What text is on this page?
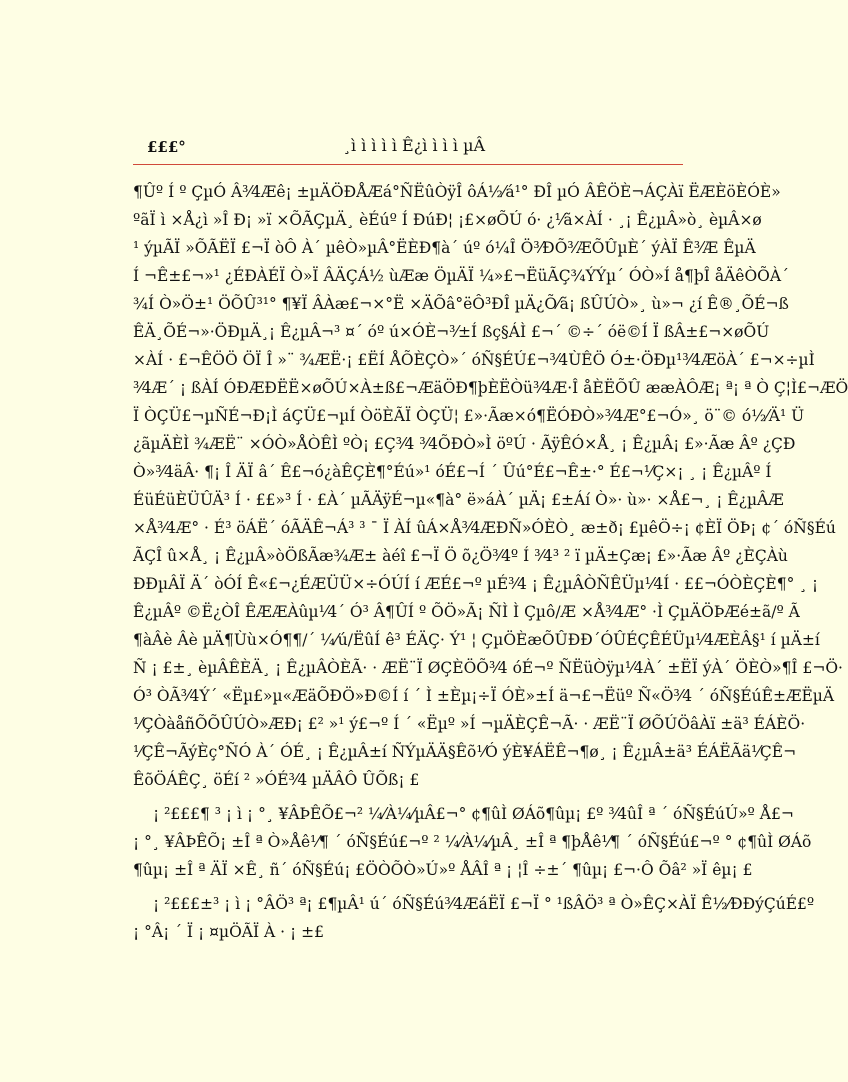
£££°	¸ì ì ì ì ì Ê¿ì ì ì ì µÂ
¶Ûº Í º ÇµÓ Â³⁄4Æê¡ ±µÄÖÐÅÆá°ÑËûÒÿÎ ôÁ½⁄á¹° ÐÎ µÓ ÂÊÖÈ¬ÁÇÀï ËÆÈöÈÓÈ»
ºãÏ ì ×Å¿ì »Î Ð¡ »ï ×ÕÃÇµÄ¸ èÉúº Í ÐúÐ¦ ¡£×øÕÚ ó· ¿¹⁄ã×ÀÍ · ¸¡ Ê¿µÂ»ò¸ èµÂ×ø
¹ ýµÃÏ »ÕÃËÏ £¬Ï òÔ À´ µêÒ»µÂ°ËÈÐ¶à´ úº ó¼Î Ö³⁄ÐÕ³⁄ÆÕÛµÈ´ ýÀÏ Ê³⁄Æ ÊµÄ
Í ¬Ê±£¬»¹ ¿ÉÐÀÉÏ Ò»Ï ÂÄÇÁ½ ùÆæ ÖµÄÏ ¼»£¬ËüÃÇ¾ÝÝµ´ ÓÒ»Í å¶þÎ åÄêÒÕÀ´
¾Í Ò»Ö±¹ ÖÕÛ³¹° ¶¥Ï ÂÀæ£¬×°Ë ×ÄÕâ°ëÔ³ÐÎ µÄ¿Õ⁄ã¡ ßÛÚÒ»¸ ù»¬ ¿í Ê®¸ÕÉ¬ß
ÊÄ¸ÕÉ¬»·ÖÐµÄ¸¡ Ê¿µÂ¬³ ¤´ óº ú×ÓÈ¬³⁄±Í ßç§ÁÌ £¬´ ©÷´ óë©Í Ï ßÂ±£¬×øÕÚ
×ÀÍ · £¬ÊÖÖ ÖÏ Î »¨ ¾ÆË·¡ £ËÍ ÅÕÈÇÒ»´ óÑ§ÉÚ£¬³⁄4ÙÊÖ Ó±·ÖÐµ¹³⁄4ÆöÀ´ £¬×÷µÌ
³⁄4Æ´ ¡ ßÀÍ ÓÐÆÐËË×øÕÚ×À±ß£¬ÆäÖÐ¶þÈËÒü³⁄4Æ·Î åÈËÕÛ ææÀÔÆ¡ ª¡ ª Ò Ç¦Ì£¬ÆÖ
Ï ÒÇÜ£¬µÑÉ¬Ð¡Ì áÇÜ£¬µÍ ÒöÈÃÏ ÒÇÜ¦ £»·Ãæ×ó¶ËÓÐÒ»³⁄4Æ°£¬Ó»¸ ö¨© ó½⁄Ä¹ Ü
¿ãµÄÈÌ ¾ÆË¨ ×ÓÒ»ÅÒÊÌ ºÒ¡ £Ç³⁄4 ³⁄4ÕÐÒ»Ì öºÚ · ÃÿÊÓ×Å¸ ¡ Ê¿µÂ¡ £»·Ãæ Âº ¿ÇÐ
Ò»³⁄4äÂ· ¶¡ Î ÄÏ â´ Ê£¬ó¿àÊÇÈ¶°Éú»¹ óÉ£¬Í ´ Ûú°É£¬Ê±·° É£¬¹⁄Ç×¡ ¸ ¡ Ê¿µÂº Í
ÉüÉüÈÜÛÄ³ Í · ££»³ Í · £À´ µÃÄÿÉ¬µ«¶à° ë»áÀ´ µÄ¡ £±Áí Ò»· ù»· ×Å£¬¸ ¡ Ê¿µÂÆ
×Å³⁄4Æ° · É³ öÁË´ óÃÄÊ¬Á³ ³ ¯ Ï ÀÍ ûÁ×Å³⁄4ÆÐÑ»ÓÈÒ¸ æ±ð¡ £µêÖ÷¡ ¢ÈÏ ÖÞ¡ ¢´ óÑ§Éú
ÃÇÎ û×Å¸ ¡ Ê¿µÂ»òÖßÃæ¾Æ± àéî £¬Ï Ö õ¿Ö³⁄4º Í ³⁄4³ ² ï µÄ±Çæ¡ £»·Ãæ Âº ¿ÈÇÀù
ÐÐµÂÏ Ä´ òÓÍ Ê«£¬¿ÉÆÜÜ×÷ÓÚÍ í ÆÉ£¬º µÉ³⁄4 ¡ Ê¿µÂÒÑÊÜµ¹⁄4Í · ££¬ÓÒÈÇÈ¶° ¸ ¡
Ê¿µÂº ©Ë¿ÒÎ ÊÆÆÀûµ¹⁄4´ Ó³ Â¶ÛÍ º ÕÖ»Ã¡ ÑÌ Ì Çµô/Æ ×Å³⁄4Æ° ·Ì ÇµÄÖÞÆé±ã/º Ã
¶àÂè Âè µÄ¶Ùù×Ó¶¶/´ ¼⁄ú/ËûÍ ê³ ÉÄÇ· Ý¹ ¦ ÇµÖÈæÕÛÐÐ´ÓÛÉÇÊÉÜµ¹⁄4ÆÈÂ§¹ í µÄ±í
Ñ ¡ £±¸ èµÂÊÈÄ¸ ¡ Ê¿µÂÒÈÃ· · ÆË¨Ï ØÇÈÖÕ³⁄4 óÉ¬º ÑËüÒÿµ¹⁄4À´ ±ËÏ ýÀ´ ÖÈÒ»¶Î £¬Ö·
Ó³ ÒÃ³⁄4Ý´ «Ëµ£»µ«ÆäÕÐÖ»Ð©Í í ´ Ì ±Èµ¡÷Ï ÓÈ»±Í ä¬£¬Ëüº Ñ«Ö³⁄4 ´ óÑ§ÉúÊ±ÆËµÄ
¹⁄ÇÒàåñÕÕÛÚÒ»ÆÐ¡ £² »¹ ý£¬º Í ´ «Ëµº »Í ¬µÄÈÇÊ¬Ã· · ÆË¨Ï ØÕÚÖâÀï ±ä³ ÉÁÈÖ·
¹⁄ÇÊ¬ÃýÈç°ÑÓ À´ ÓÉ¸ ¡ Ê¿µÂ±í ÑÝµÄÄ§Êõ¹⁄Ó ýÈ¥ÁËÊ¬¶ø¸ ¡ Ê¿µÂ±ä³ ÉÁËÃä¹⁄ÇÊ¬
ÊõÖÁÊÇ¸ öÉí ² »ÓÉ³⁄4 µÄÂÔ ÛÕß¡ £
¡ ²£££¶ ³ ¡ ì ¡ °¸ ¥ÂÞÊÕ£¬² ¼⁄À¼⁄µÂ£¬° ¢¶ûÌ ØÁõ¶ûµ¡ £º ³⁄4ûÎ ª ´ óÑ§ÉúÚ»º Å£¬
¡ °¸ ¥ÂÞÊÕ¡ ±Î ª Ò»Åê¹⁄¶ ´ óÑ§Éú£¬º ² ¼⁄À¼⁄µÂ¸ ±Î ª ¶þÅê¹⁄¶ ´ óÑ§Éú£¬º ° ¢¶ûÌ ØÁõ
¶ûµ¡ ±Î ª ÄÏ ×Ê¸ ñ´ óÑ§Éú¡ £ÖÒÕÒ»Ú»º ÅÂÎ ª ¡ ¦Î ÷±´ ¶ûµ¡ £¬·Ô Õâ² »Ï êµ¡ £
¡ ²£££±³ ¡ ì ¡ °ÂÖ³ ª¡ £¶µÂ¹ ú´ óÑ§Éú³⁄4ÆáËÏ £¬Ï ° ¹ßÂÖ³ ª Ò»ÊÇ×ÀÏ Ê½⁄ÐÐýÇúÉ£º
¡ °Â¡ ´ Ï ¡ ¤µÖÃÏ À · ¡ ±£
